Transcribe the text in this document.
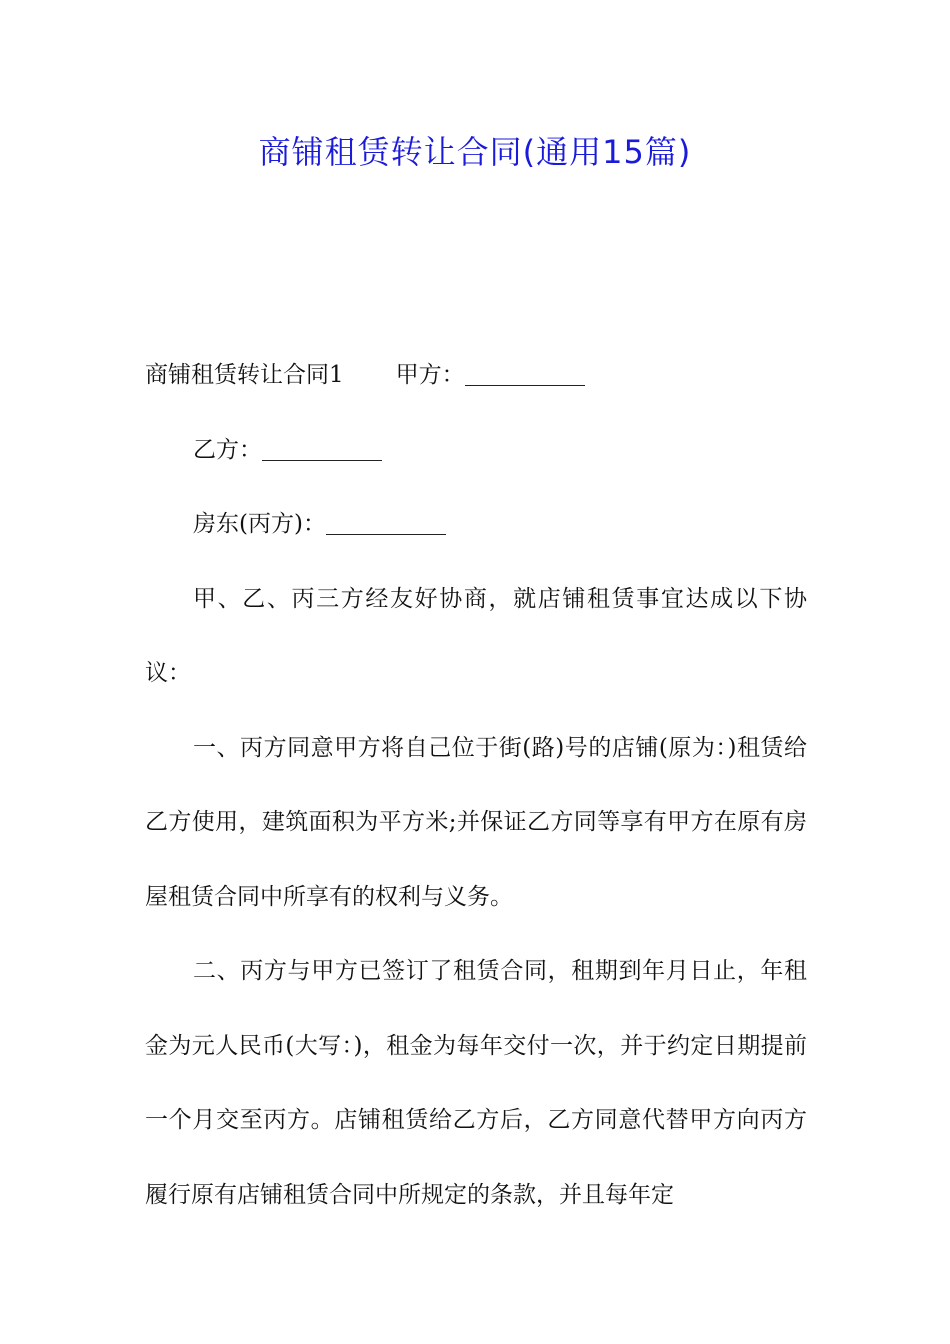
商铺租赁转让合同(通用15篇)

商铺租赁转让合同1 甲方：

乙方：

房东(丙方)：

甲、乙、丙三方经友好协商，就店铺租赁事宜达成以下协议：

一、丙方同意甲方将自己位于街(路)号的店铺(原为：)租赁给乙方使用，建筑面积为平方米;并保证乙方同等享有甲方在原有房屋租赁合同中所享有的权利与义务。

二、丙方与甲方已签订了租赁合同，租期到年月日止，年租金为元人民币(大写：)，租金为每年交付一次，并于约定日期提前一个月交至丙方。店铺租赁给乙方后，乙方同意代替甲方向丙方履行原有店铺租赁合同中所规定的条款，并且每年定
